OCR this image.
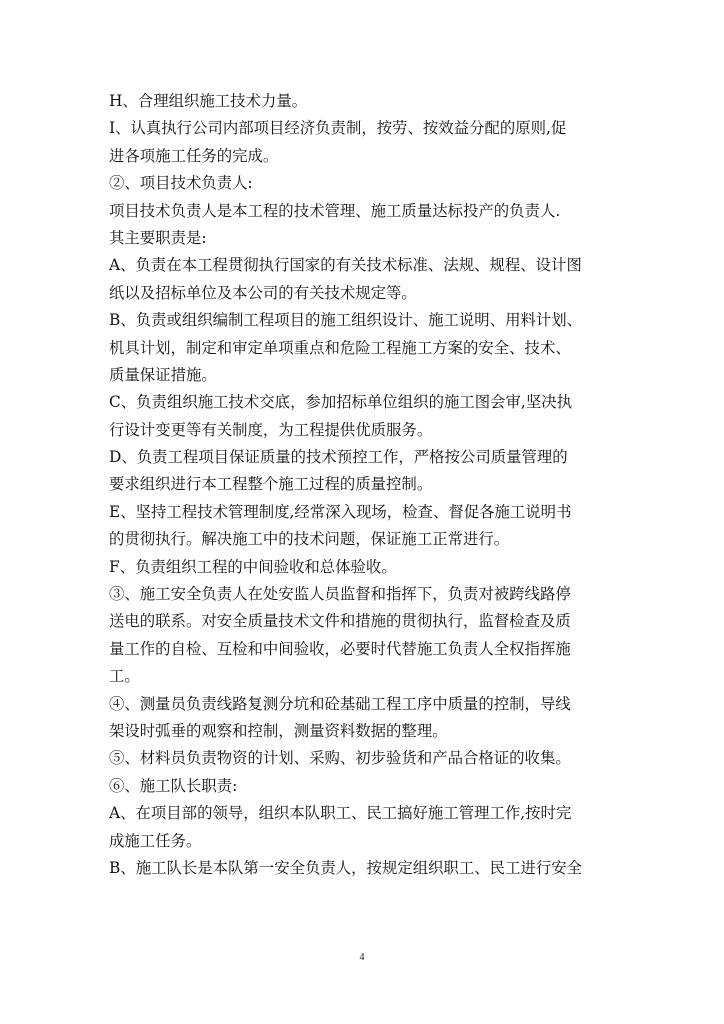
H、合理组织施工技术力量。
I、认真执行公司内部项目经济负责制，按劳、按效益分配的原则,促
进各项施工任务的完成。
②、项目技术负责人:
项目技术负责人是本工程的技术管理、施工质量达标投产的负责人.
其主要职责是:
A、负责在本工程贯彻执行国家的有关技术标准、法规、规程、设计图
纸以及招标单位及本公司的有关技术规定等。
B、负责或组织编制工程项目的施工组织设计、施工说明、用料计划、
机具计划，制定和审定单项重点和危险工程施工方案的安全、技术、
质量保证措施。
C、负责组织施工技术交底，参加招标单位组织的施工图会审,坚决执
行设计变更等有关制度，为工程提供优质服务。
D、负责工程项目保证质量的技术预控工作，严格按公司质量管理的
要求组织进行本工程整个施工过程的质量控制。
E、坚持工程技术管理制度,经常深入现场，检查、督促各施工说明书
的贯彻执行。解决施工中的技术问题，保证施工正常进行。
F、负责组织工程的中间验收和总体验收。
③、施工安全负责人在处安监人员监督和指挥下，负责对被跨线路停
送电的联系。对安全质量技术文件和措施的贯彻执行，监督检查及质
量工作的自检、互检和中间验收，必要时代替施工负责人全权指挥施
工。
④、测量员负责线路复测分坑和砼基础工程工序中质量的控制，导线
架设时弧垂的观察和控制，测量资料数据的整理。
⑤、材料员负责物资的计划、采购、初步验货和产品合格证的收集。
⑥、施工队长职责:
A、在项目部的领导，组织本队职工、民工搞好施工管理工作,按时完
成施工任务。
B、施工队长是本队第一安全负责人，按规定组织职工、民工进行安全
4
